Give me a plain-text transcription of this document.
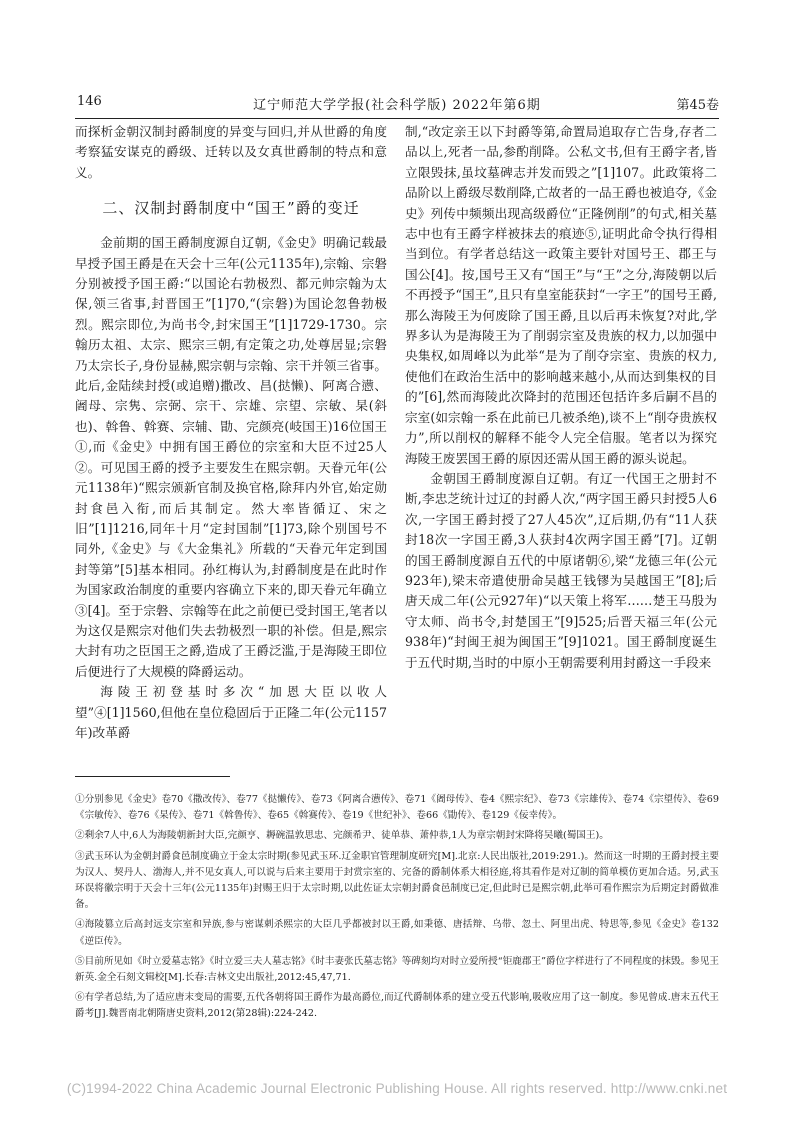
146	辽宁师范大学学报(社会科学版) 2022年第6期	第45卷

而探析金朝汉制封爵制度的异变与回归,并从世爵的角度考察猛安谋克的爵级、迁转以及女真世爵制的特点和意义。

二、汉制封爵制度中“国王”爵的变迁

金前期的国王爵制度源自辽朝,《金史》明确记载最早授予国王爵是在天会十三年(公元1135年),宗翰、宗磐分别被授予国王爵:“以国论右勃极烈、都元帅宗翰为太保,领三省事,封晋国王”[1]70,“(宗磐)为国论忽鲁勃极烈。熙宗即位,为尚书令,封宋国王”[1]1729-1730。宗翰历太祖、太宗、熙宗三朝,有定策之功,处尊居显;宗磐乃太宗长子,身份显赫,熙宗朝与宗翰、宗干并领三省事。此后,金陆续封授(或追赠)撒改、昌(挞懒)、阿离合懑、阇母、宗隽、宗弼、宗干、宗雄、宗望、宗敏、杲(斜也)、斡鲁、斡赛、宗辅、勖、完颜亮(岐国王)16位国王①,而《金史》中拥有国王爵位的宗室和大臣不过25人②。可见国王爵的授予主要发生在熙宗朝。天眷元年(公元1138年)“熙宗颁新官制及换官格,除拜内外官,始定勋封食邑入衔,而后其制定。然大率皆循辽、宋之旧”[1]1216,同年十月“定封国制”[1]73,除个别国号不同外,《金史》与《大金集礼》所载的“天眷元年定到国封等第”[5]基本相同。孙红梅认为,封爵制度是在此时作为国家政治制度的重要内容确立下来的,即天眷元年确立③[4]。至于宗磐、宗翰等在此之前便已受封国王,笔者以为这仅是熙宗对他们失去勃极烈一职的补偿。但是,熙宗大封有功之臣国王之爵,造成了王爵泛滥,于是海陵王即位后便进行了大规模的降爵运动。

海陵王初登基时多次“加恩大臣以收人望”④[1]1560,但他在皇位稳固后于正隆二年(公元1157年)改革爵

制,“改定亲王以下封爵等第,命置局追取存亡告身,存者二品以上,死者一品,参酌削降。公私文书,但有王爵字者,皆立限毁抹,虽坟墓碑志并发而毁之”[1]107。此政策将二品阶以上爵级尽数削降,亡故者的一品王爵也被追夺,《金史》列传中频频出现高级爵位“正隆例削”的句式,相关墓志中也有王爵字样被抹去的痕迹⑤,证明此命令执行得相当到位。有学者总结这一政策主要针对国号王、郡王与国公[4]。按,国号王又有“国王”与“王”之分,海陵朝以后不再授予“国王”,且只有皇室能获封“一字王”的国号王爵,那么海陵王为何废除了国王爵,且以后再未恢复?对此,学界多认为是海陵王为了削弱宗室及贵族的权力,以加强中央集权,如周峰以为此举“是为了削夺宗室、贵族的权力,使他们在政治生活中的影响越来越小,从而达到集权的目的”[6],然而海陵此次降封的范围还包括许多后嗣不昌的宗室(如宗翰一系在此前已几被杀绝),谈不上“削夺贵族权力”,所以削权的解释不能令人完全信服。笔者以为探究海陵王废罢国王爵的原因还需从国王爵的源头说起。

金朝国王爵制度源自辽朝。有辽一代国王之册封不断,李忠芝统计过辽的封爵人次,“两字国王爵只封授5人6次,一字国王爵封授了27人45次”,辽后期,仍有“11人获封18次一字国王爵,3人获封4次两字国王爵”[7]。辽朝的国王爵制度源自五代的中原诸朝⑥,梁“龙德三年(公元923年),梁末帝遣使册命吴越王钱镠为吴越国王”[8];后唐天成二年(公元927年)“以天策上将军……楚王马殷为守太师、尚书令,封楚国王”[9]525;后晋天福三年(公元938年)“封闽王昶为闽国王”[9]1021。国王爵制度诞生于五代时期,当时的中原小王朝需要利用封爵这一手段来

①分别参见《金史》卷70《撒改传》、卷77《挞懒传》、卷73《阿离合懑传》、卷71《阇母传》、卷4《熙宗纪》、卷73《宗雄传》、卷74《宗望传》、卷69《宗敏传》、卷76《杲传》、卷71《斡鲁传》、卷65《斡赛传》、卷19《世纪补》、卷66《勖传》、卷129《佞幸传》。
②剩余7人中,6人为海陵朝新封大臣,完颜亨、耨碗温敦思忠、完颜希尹、徒单恭、萧仲恭,1人为章宗朝封宋降将吴曦(蜀国王)。
③武玉环认为金朝封爵食邑制度确立于金太宗时期(参见武玉环.辽金职官管理制度研究[M].北京:人民出版社,2019:291.)。然而这一时期的王爵封授主要为汉人、契丹人、渤海人,并不见女真人,可以说与后来主要用于封赏宗室的、完备的爵制体系大相径庭,将其看作是对辽制的简单模仿更加合适。另,武玉环误将徽宗明于天会十三年(公元1135年)封赐王归于太宗时期,以此佐证太宗朝封爵食邑制度已定,但此时已是熙宗朝,此举可看作熙宗为后期定封爵做准备。
④海陵篡立后高封远支宗室和异族,参与密谋刺杀熙宗的大臣几乎都被封以王爵,如秉德、唐括辩、乌带、忽土、阿里出虎、特思等,参见《金史》卷132《逆臣传》。
⑤目前所见如《时立爱墓志铭》《时立爱三夫人墓志铭》《时丰妻张氏墓志铭》等碑刻均对时立爱所授“钜鹿郡王”爵位字样进行了不同程度的抹毁。参见王新英.金全石刻文辑校[M].长春:吉林文史出版社,2012:45,47,71.
⑥有学者总结,为了适应唐末变局的需要,五代各朝将国王爵作为最高爵位,而辽代爵制体系的建立受五代影响,吸收应用了这一制度。参见曾成.唐末五代王爵考[J].魏晋南北朝隋唐史资料,2012(第28辑):224-242.
(C)1994-2022 China Academic Journal Electronic Publishing House. All rights reserved. http://www.cnki.net
